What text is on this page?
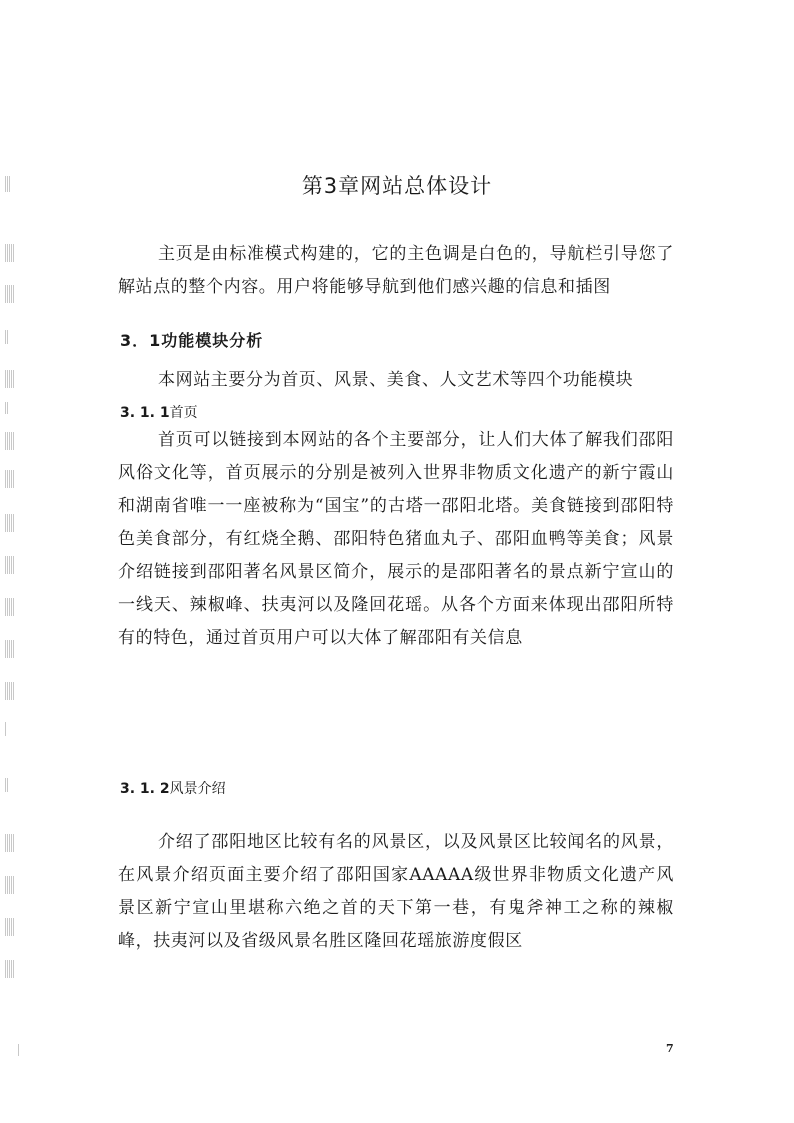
第3章网站总体设计

主页是由标准模式构建的，它的主色调是白色的，导航栏引导您了解站点的整个内容。用户将能够导航到他们感兴趣的信息和插图

3．1功能模块分析

本网站主要分为首页、风景、美食、人文艺术等四个功能模块

3. 1. 1首页

首页可以链接到本网站的各个主要部分，让人们大体了解我们邵阳风俗文化等，首页展示的分别是被列入世界非物质文化遗产的新宁霞山和湖南省唯一一座被称为“国宝”的古塔一邵阳北塔。美食链接到邵阳特色美食部分，有红烧全鹅、邵阳特色猪血丸子、邵阳血鸭等美食；风景介绍链接到邵阳著名风景区简介，展示的是邵阳著名的景点新宁宣山的一线天、辣椒峰、扶夷河以及隆回花瑶。从各个方面来体现出邵阳所特有的特色，通过首页用户可以大体了解邵阳有关信息

3. 1. 2风景介绍

介绍了邵阳地区比较有名的风景区，以及风景区比较闻名的风景，在风景介绍页面主要介绍了邵阳国家AAAAA级世界非物质文化遗产风景区新宁宣山里堪称六绝之首的天下第一巷，有鬼斧神工之称的辣椒峰，扶夷河以及省级风景名胜区隆回花瑶旅游度假区

7
